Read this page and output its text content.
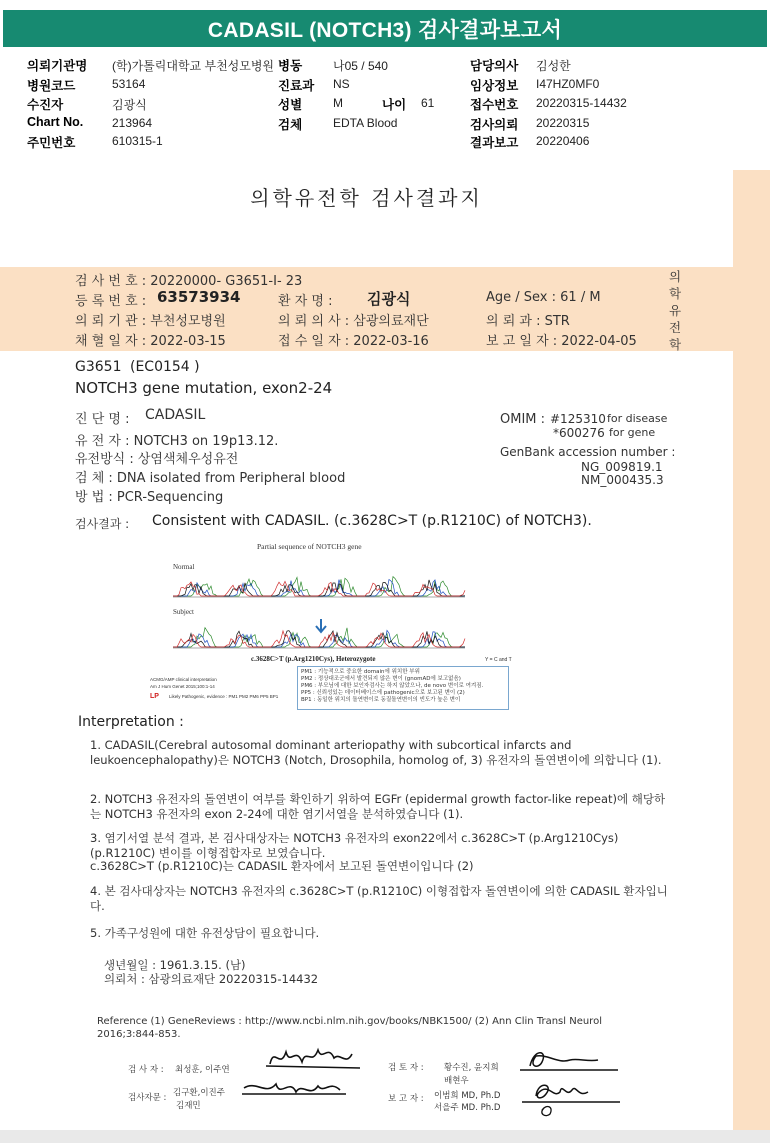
CADASIL (NOTCH3) 검사결과보고서
의뢰기관명 (학)가톨릭대학교 부천성모병원 병동	나05 / 540	담당의사 김성한
병원코드	53164	진료과 NS	임상정보 I47HZ0MF0
수진자	김광식	성별	M	나이 61	접수번호 20220315-14432
Chart No. 213964	검체	EDTA Blood	검사의뢰 20220315
주민번호	610315-1	결과보고 20220406
의학유전학 검사결과지
검 사 번 호 : 20220000- G3651-I- 23
등 록 번 호 : 63573934	환 자 명 : 김광식	Age / Sex : 61 / M
의 뢰 기 관 : 부천성모병원	의 뢰 의 사 : 삼광의료재단	의 뢰 과 : STR
채 혈 일 자 : 2022-03-15	접 수 일 자 : 2022-03-16	보 고 일 자 : 2022-04-05
의학유전학
G3651 (EC0154 )
NOTCH3 gene mutation, exon2-24
진 단 명 : CADASIL
유 전 자 : NOTCH3 on 19p13.12.
유전방식 : 상염색체우성유전
검 체 : DNA isolated from Peripheral blood
방 법 : PCR-Sequencing
OMIM : #125310 for disease
*600276 for gene
GenBank accession number :
NG_009819.1
NM_000435.3
검사결과 : Consistent with CADASIL. (c.3628C>T (p.R1210C) of NOTCH3).
Partial sequence of NOTCH3 gene
Normal
Subject
c.3628C>T (p.Arg1210Cys), Heterozygote	Y = C and T
ACMG/AMP clinical interpretation
Am J Hum Genet 2015;100:1-14
LP Likely Pathogenic, evidence : PM1 PM2 PM6 PP5 BP1
PM1 : 기능적으로 중요한 domain에 위치한 부위
PM2 : 정상대조군에서 발견되지 않은 변이 (gnomAD에 보고없음)
PM6 : 부모님에 대한 보인자검사는 하지 않았으나, de novo 변이로 여겨짐.
PP5 : 신뢰성있는 데이터베이스에 pathogenic으로 보고된 변이 (2)
BP1 : 동일한 위치의 돌연변이로 동질돌연변이의 빈도가 높은 변이
Interpretation :
1. CADASIL(Cerebral autosomal dominant arteriopathy with subcortical infarcts and leukoencephalopathy)은 NOTCH3 (Notch, Drosophila, homolog of, 3) 유전자의 돌연변이에 의합니다 (1).
2. NOTCH3 유전자의 돌연변이 여부를 확인하기 위하여 EGFr (epidermal growth factor-like repeat)에 해당하는 NOTCH3 유전자의 exon 2-24에 대한 염기서열을 분석하였습니다 (1).
3. 염기서열 분석 결과, 본 검사대상자는 NOTCH3 유전자의 exon22에서 c.3628C>T (p.Arg1210Cys) (p.R1210C) 변이를 이형접합자로 보였습니다.
c.3628C>T (p.R1210C)는 CADASIL 환자에서 보고된 돌연변이입니다 (2)
4. 본 검사대상자는 NOTCH3 유전자의 c.3628C>T (p.R1210C) 이형접합자 돌연변이에 의한 CADASIL 환자입니다.
5. 가족구성원에 대한 유전상담이 필요합니다.
생년월일 : 1961.3.15. (남)
의뢰처 : 삼광의료재단 20220315-14432
Reference (1) GeneReviews : http://www.ncbi.nlm.nih.gov/books/NBK1500/ (2) Ann Clin Transl Neurol 2016;3:844-853.
검 사 자 : 최성훈, 이주연	검 토 자 : 황수진, 윤지희
배현우
검사자문 : 김구환,이진주
김재민
보 고 자 : 이범희 MD, Ph.D
서을주 MD. Ph.D
